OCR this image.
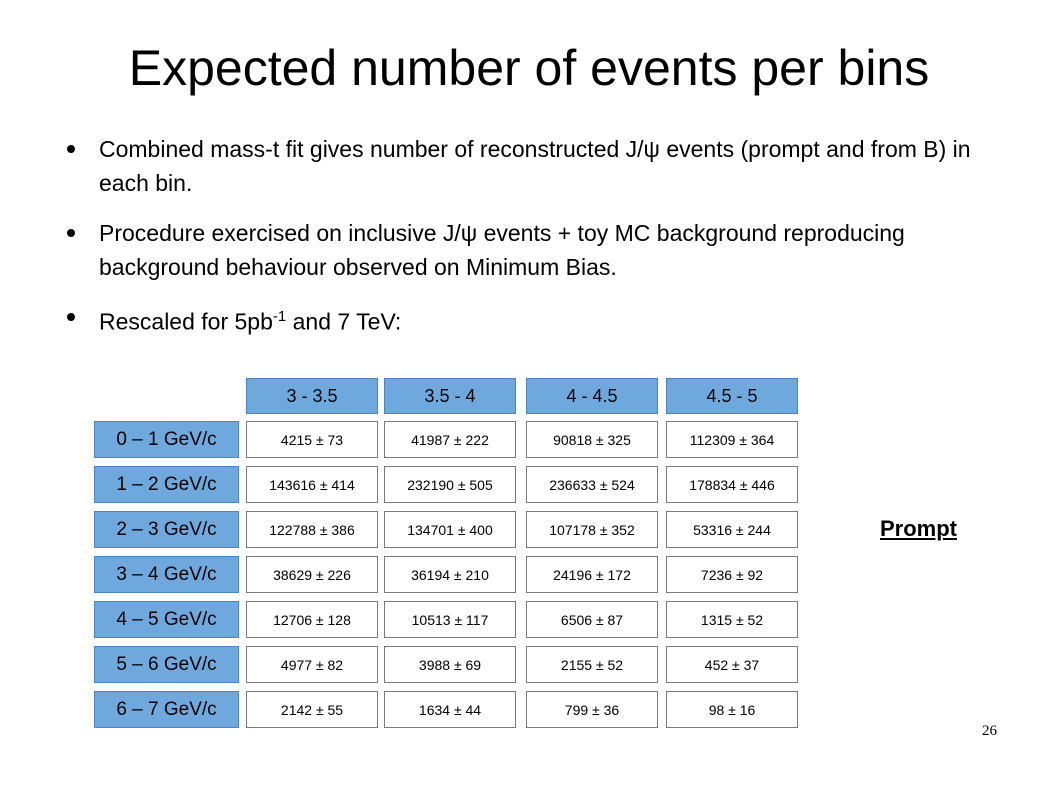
Expected number of events per bins
Combined mass-t fit gives number of reconstructed J/ψ events (prompt and from B) in each bin.
Procedure exercised on inclusive J/ψ events + toy MC background reproducing background behaviour observed on Minimum Bias.
Rescaled for $5pb^{-1}$ and 7 TeV:
3 - 3.5	3.5 - 4	4 - 4.5	4.5 - 5
0 – 1 GeV/c	4215 ± 73	41987 ± 222	90818 ± 325	112309 ± 364
1 – 2 GeV/c	143616 ± 414	232190 ± 505	236633 ± 524	178834 ± 446
2 – 3 GeV/c	122788 ± 386	134701 ± 400	107178 ± 352	53316 ± 244
3 – 4 GeV/c	38629 ± 226	36194 ± 210	24196 ± 172	7236 ± 92
4 – 5 GeV/c	12706 ± 128	10513 ± 117	6506 ± 87	1315 ± 52
5 – 6 GeV/c	4977 ± 82	3988 ± 69	2155 ± 52	452 ± 37
6 – 7 GeV/c	2142 ± 55	1634 ± 44	799 ± 36	98 ± 16
Prompt
26
